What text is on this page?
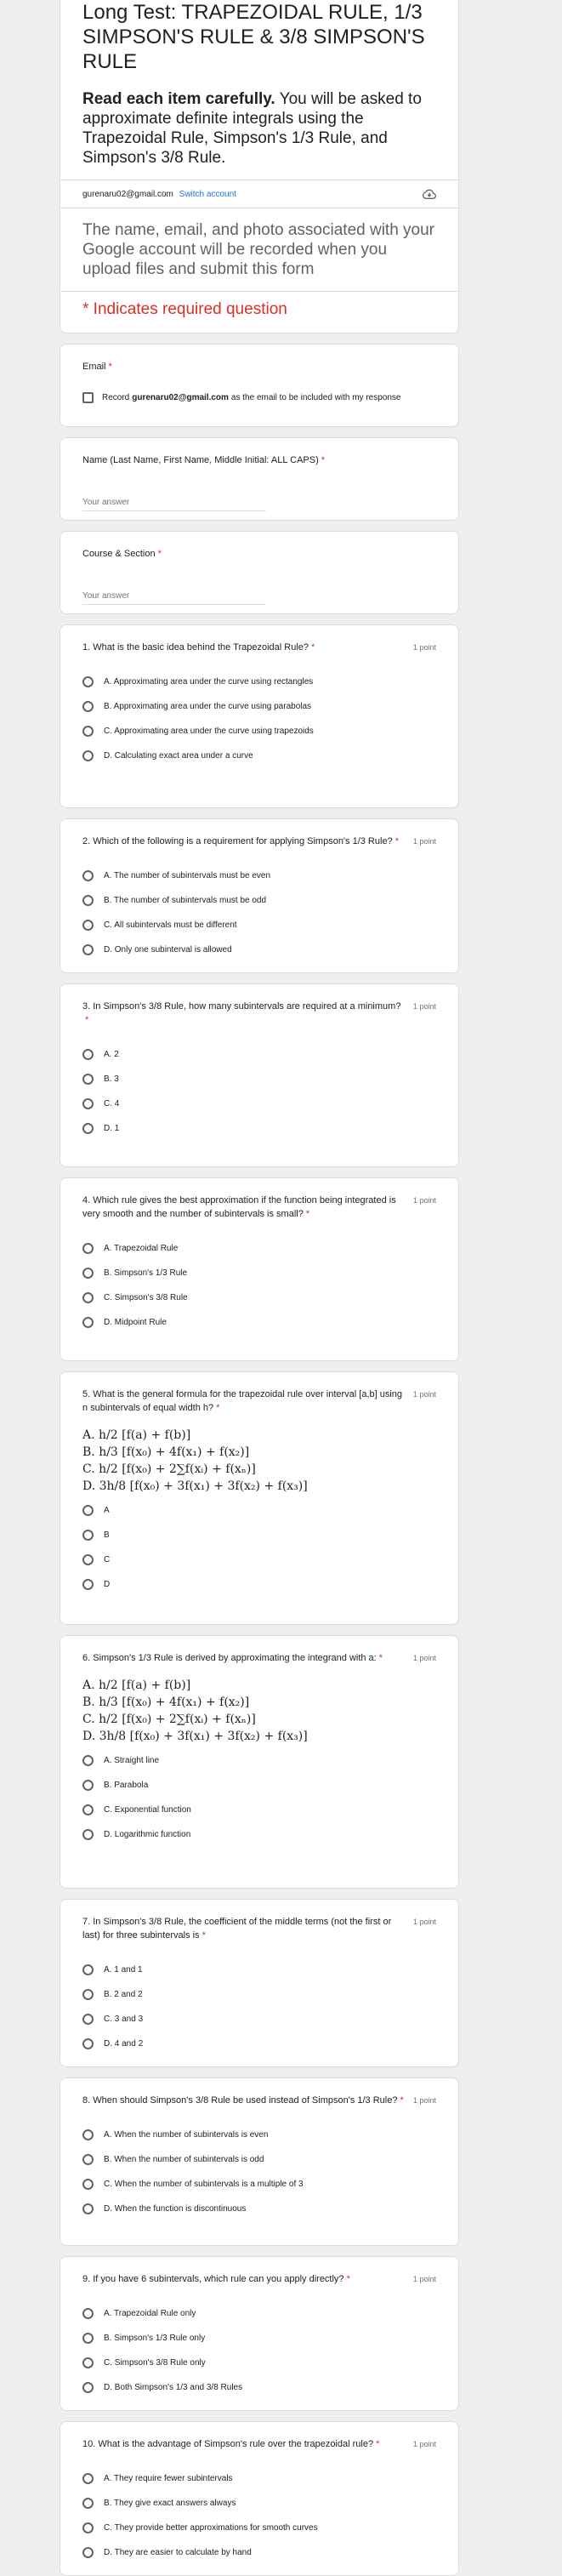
Long Test: TRAPEZOIDAL RULE, 1/3 SIMPSON'S RULE & 3/8 SIMPSON'S RULE
Read each item carefully. You will be asked to approximate definite integrals using the Trapezoidal Rule, Simpson's 1/3 Rule, and Simpson's 3/8 Rule.
gurenaru02@gmail.com Switch account
The name, email, and photo associated with your Google account will be recorded when you upload files and submit this form
* Indicates required question
Email *
Record gurenaru02@gmail.com as the email to be included with my response
Name (Last Name, First Name, Middle Initial: ALL CAPS) *
Your answer
Course & Section *
Your answer
1. What is the basic idea behind the Trapezoidal Rule? *	1 point
A. Approximating area under the curve using rectangles
B. Approximating area under the curve using parabolas
C. Approximating area under the curve using trapezoids
D. Calculating exact area under a curve
2. Which of the following is a requirement for applying Simpson's 1/3 Rule? *	1 point
A. The number of subintervals must be even
B. The number of subintervals must be odd
C. All subintervals must be different
D. Only one subinterval is allowed
3. In Simpson's 3/8 Rule, how many subintervals are required at a minimum?*
1 point
A. 2
B. 3
C. 4
D. 1
4. Which rule gives the best approximation if the function being integrated is very smooth and the number of subintervals is small? *
1 point
A. Trapezoidal Rule
B. Simpson's 1/3 Rule
C. Simpson's 3/8 Rule
D. Midpoint Rule
5. What is the general formula for the trapezoidal rule over interval [a,b] using n subintervals of equal width h? *
1 point
A. h/2 [f(a) + f(b)]
B. h/3 [f(x₀) + 4f(x₁) + f(x₂)]
C. h/2 [f(x₀) + 2∑f(xᵢ) + f(xₙ)]
D. 3h/8 [f(x₀) + 3f(x₁) + 3f(x₂) + f(x₃)]
A
B
C
D
6. Simpson's 1/3 Rule is derived by approximating the integrand with a: *	1 point
A. h/2 [f(a) + f(b)]
B. h/3 [f(x₀) + 4f(x₁) + f(x₂)]
C. h/2 [f(x₀) + 2∑f(xᵢ) + f(xₙ)]
D. 3h/8 [f(x₀) + 3f(x₁) + 3f(x₂) + f(x₃)]
A. Straight line
B. Parabola
C. Exponential function
D. Logarithmic function
7. In Simpson's 3/8 Rule, the coefficient of the middle terms (not the first or last) for three subintervals is *
1 point
A. 1 and 1
B. 2 and 2
C. 3 and 3
D. 4 and 2
8. When should Simpson's 3/8 Rule be used instead of Simpson's 1/3 Rule? *	1 point
A. When the number of subintervals is even
B. When the number of subintervals is odd
C. When the number of subintervals is a multiple of 3
D. When the function is discontinuous
9. If you have 6 subintervals, which rule can you apply directly? *	1 point
A. Trapezoidal Rule only
B. Simpson's 1/3 Rule only
C. Simpson's 3/8 Rule only
D. Both Simpson's 1/3 and 3/8 Rules
10. What is the advantage of Simpson's rule over the trapezoidal rule? *	1 point
A. They require fewer subintervals
B. They give exact answers always
C. They provide better approximations for smooth curves
D. They are easier to calculate by hand
